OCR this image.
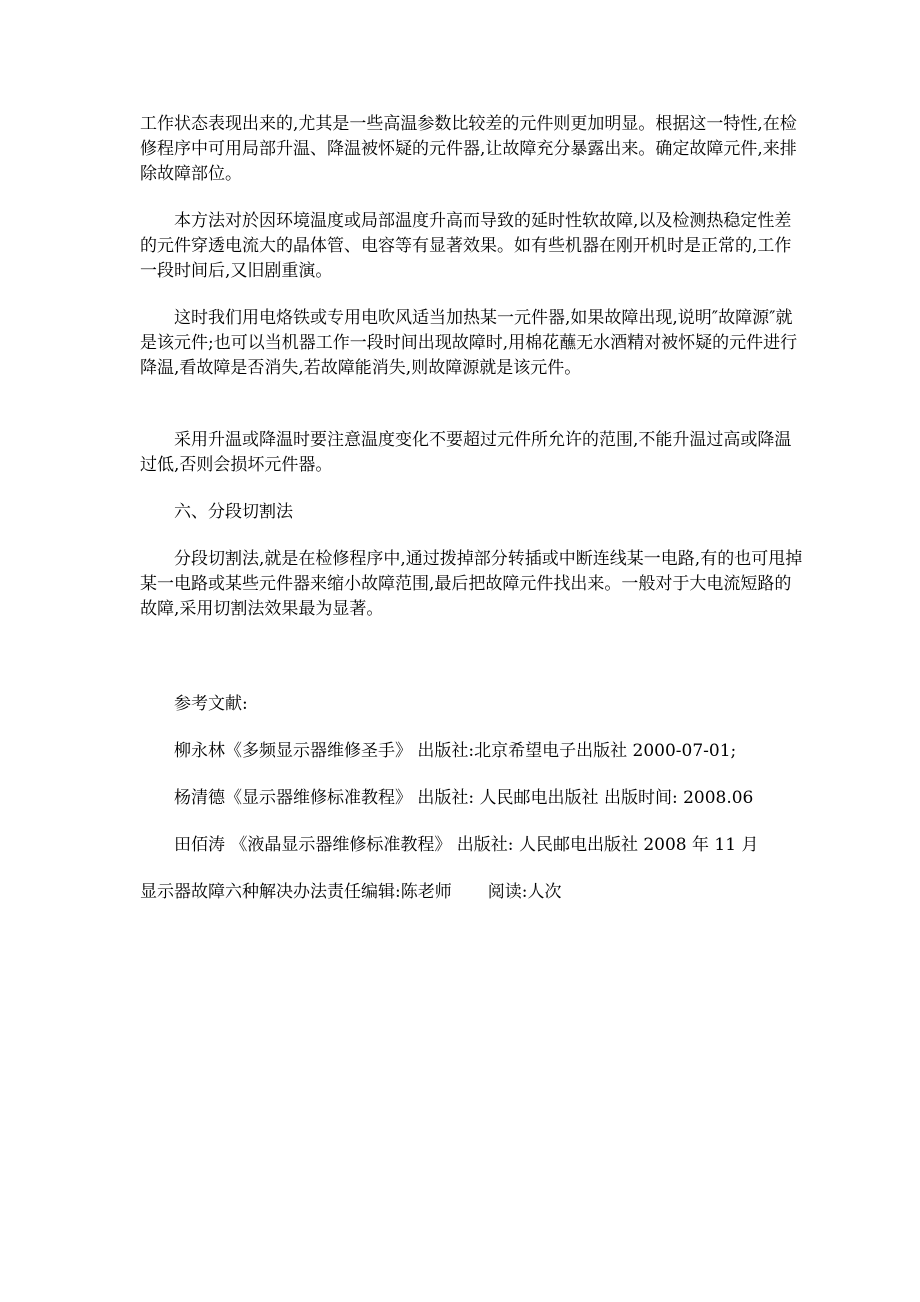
工作状态表现出来的,尤其是一些高温参数比较差的元件则更加明显。根据这一特性,在检修程序中可用局部升温、降温被怀疑的元件器,让故障充分暴露出来。确定故障元件,来排除故障部位。

本方法对於因环境温度或局部温度升高而导致的延时性软故障,以及检测热稳定性差的元件穿透电流大的晶体管、电容等有显著效果。如有些机器在刚开机时是正常的,工作一段时间后,又旧剧重演。

这时我们用电烙铁或专用电吹风适当加热某一元件器,如果故障出现,说明″故障源″就是该元件;也可以当机器工作一段时间出现故障时,用棉花蘸无水酒精对被怀疑的元件进行降温,看故障是否消失,若故障能消失,则故障源就是该元件。

采用升温或降温时要注意温度变化不要超过元件所允许的范围,不能升温过高或降温过低,否则会损坏元件器。

六、分段切割法

分段切割法,就是在检修程序中,通过拨掉部分转插或中断连线某一电路,有的也可甩掉某一电路或某些元件器来缩小故障范围,最后把故障元件找出来。一般对于大电流短路的故障,采用切割法效果最为显著。

参考文献:

柳永林《多频显示器维修圣手》 出版社:北京希望电子出版社 2000-07-01;

杨清德《显示器维修标准教程》 出版社: 人民邮电出版社 出版时间: 2008.06

田佰涛 《液晶显示器维修标准教程》 出版社: 人民邮电出版社 2008 年 11 月

显示器故障六种解决办法责任编辑:陈老师 阅读:人次
